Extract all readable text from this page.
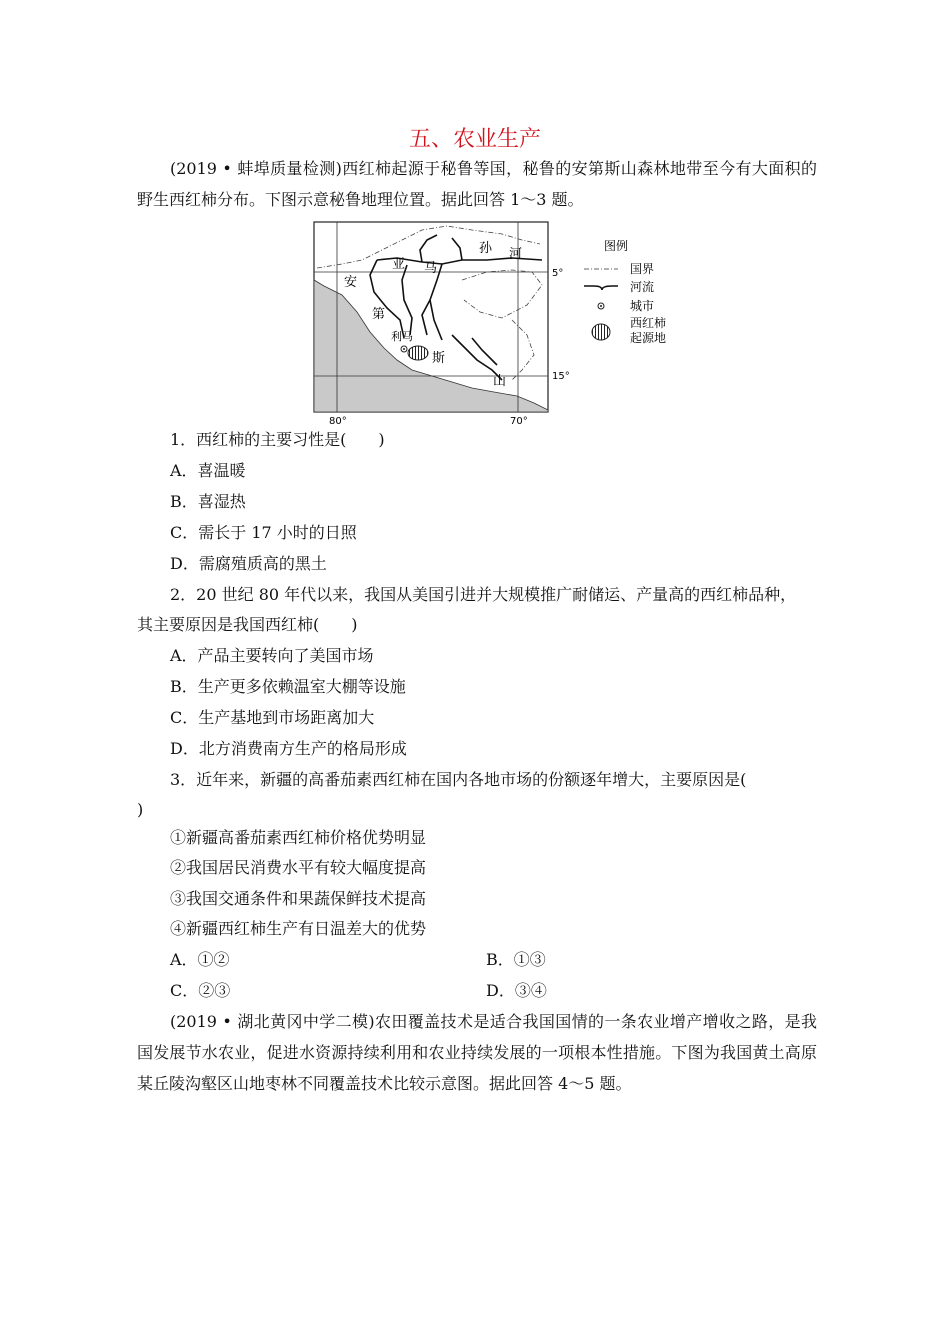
五、农业生产
(2019 • 蚌埠质量检测)西红柿起源于秘鲁等国，秘鲁的安第斯山森林地带至今有大面积的野生西红柿分布。下图示意秘鲁地理位置。据此回答 1～3 题。
河
孙
亚 马
安
第
利马
斯
山
5°
15°
80°	70°
图例
国界
河流
城市
西红柿
起源地
1．西红柿的主要习性是(　　)
A．喜温暖
B．喜湿热
C．需长于 17 小时的日照
D．需腐殖质高的黑土
2．20 世纪 80 年代以来，我国从美国引进并大规模推广耐储运、产量高的西红柿品种，
其主要原因是我国西红柿(　　)
A．产品主要转向了美国市场
B．生产更多依赖温室大棚等设施
C．生产基地到市场距离加大
D．北方消费南方生产的格局形成
3．近年来，新疆的高番茄素西红柿在国内各地市场的份额逐年增大，主要原因是(
)
①新疆高番茄素西红柿价格优势明显
②我国居民消费水平有较大幅度提高
③我国交通条件和果蔬保鲜技术提高
④新疆西红柿生产有日温差大的优势
A．①②	B．①③
C．②③	D．③④
(2019 • 湖北黄冈中学二模)农田覆盖技术是适合我国国情的一条农业增产增收之路，是我国发展节水农业，促进水资源持续利用和农业持续发展的一项根本性措施。下图为我国黄土高原某丘陵沟壑区山地枣林不同覆盖技术比较示意图。据此回答 4～5 题。
